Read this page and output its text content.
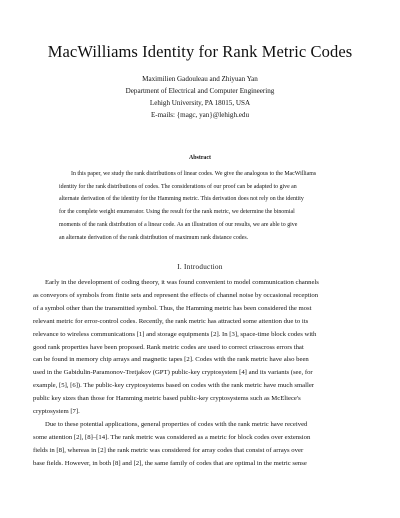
MacWilliams Identity for Rank Metric Codes
Maximilien Gadouleau and Zhiyuan Yan
Department of Electrical and Computer Engineering
Lehigh University, PA 18015, USA
E-mails: {magc, yan}@lehigh.edu
Abstract
In this paper, we study the rank distributions of linear codes. We give the analogous to the MacWilliams
identity for the rank distributions of codes. The considerations of our proof can be adapted to give an
alternate derivation of the identity for the Hamming metric. This derivation does not rely on the identity
for the complete weight enumerator. Using the result for the rank metric, we determine the binomial
moments of the rank distribution of a linear code. As an illustration of our results, we are able to give
an alternate derivation of the rank distribution of maximum rank distance codes.
I. Introduction
Early in the development of coding theory, it was found convenient to model communication channels
as conveyors of symbols from finite sets and represent the effects of channel noise by occasional reception
of a symbol other than the transmitted symbol. Thus, the Hamming metric has been considered the most
relevant metric for error-control codes. Recently, the rank metric has attracted some attention due to its
relevance to wireless communications [1] and storage equipments [2]. In [3], space-time block codes with
good rank properties have been proposed. Rank metric codes are used to correct crisscross errors that
can be found in memory chip arrays and magnetic tapes [2]. Codes with the rank metric have also been
used in the Gabidulin-Paramonov-Tretjakov (GPT) public-key cryptosystem [4] and its variants (see, for
example, [5], [6]). The public-key cryptosystems based on codes with the rank metric have much smaller
public key sizes than those for Hamming metric based public-key cryptosystems such as McEliece's
cryptosystem [7].
Due to these potential applications, general properties of codes with the rank metric have received
some attention [2], [8]–[14]. The rank metric was considered as a metric for block codes over extension
fields in [8], whereas in [2] the rank metric was considered for array codes that consist of arrays over
base fields. However, in both [8] and [2], the same family of codes that are optimal in the metric sense
